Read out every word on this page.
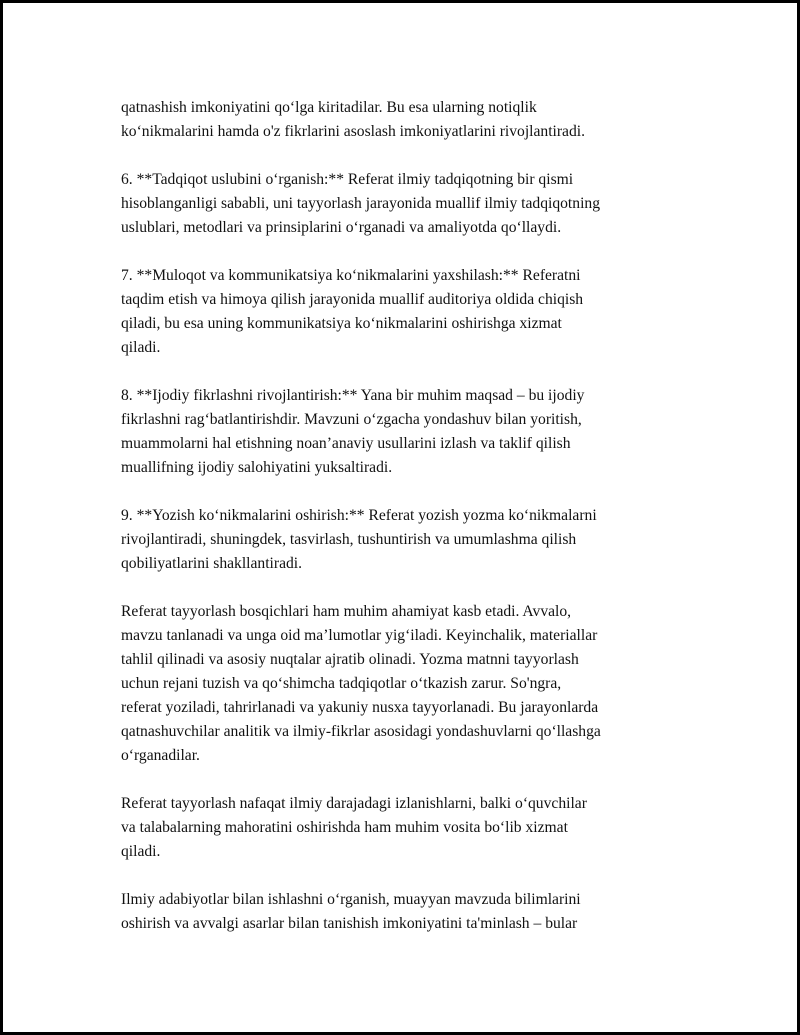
qatnashish imkoniyatini qo‘lga kiritadilar. Bu esa ularning notiqlik
ko‘nikmalarini hamda o'z fikrlarini asoslash imkoniyatlarini rivojlantiradi.

6. **Tadqiqot uslubini o‘rganish:** Referat ilmiy tadqiqotning bir qismi
hisoblanganligi sababli, uni tayyorlash jarayonida muallif ilmiy tadqiqotning
uslublari, metodlari va prinsiplarini o‘rganadi va amaliyotda qo‘llaydi.

7. **Muloqot va kommunikatsiya ko‘nikmalarini yaxshilash:** Referatni
taqdim etish va himoya qilish jarayonida muallif auditoriya oldida chiqish
qiladi, bu esa uning kommunikatsiya ko‘nikmalarini oshirishga xizmat
qiladi.

8. **Ijodiy fikrlashni rivojlantirish:** Yana bir muhim maqsad – bu ijodiy
fikrlashni rag‘batlantirishdir. Mavzuni o‘zgacha yondashuv bilan yoritish,
muammolarni hal etishning noan’anaviy usullarini izlash va taklif qilish
muallifning ijodiy salohiyatini yuksaltiradi.

9. **Yozish ko‘nikmalarini oshirish:** Referat yozish yozma ko‘nikmalarni
rivojlantiradi, shuningdek, tasvirlash, tushuntirish va umumlashma qilish
qobiliyatlarini shakllantiradi.

Referat tayyorlash bosqichlari ham muhim ahamiyat kasb etadi. Avvalo,
mavzu tanlanadi va unga oid ma’lumotlar yig‘iladi. Keyinchalik, materiallar
tahlil qilinadi va asosiy nuqtalar ajratib olinadi. Yozma matnni tayyorlash
uchun rejani tuzish va qo‘shimcha tadqiqotlar o‘tkazish zarur. So'ngra,
referat yoziladi, tahrirlanadi va yakuniy nusxa tayyorlanadi. Bu jarayonlarda
qatnashuvchilar analitik va ilmiy-fikrlar asosidagi yondashuvlarni qo‘llashga
o‘rganadilar.

Referat tayyorlash nafaqat ilmiy darajadagi izlanishlarni, balki o‘quvchilar
va talabalarning mahoratini oshirishda ham muhim vosita bo‘lib xizmat
qiladi.

Ilmiy adabiyotlar bilan ishlashni o‘rganish, muayyan mavzuda bilimlarini
oshirish va avvalgi asarlar bilan tanishish imkoniyatini ta'minlash – bular
